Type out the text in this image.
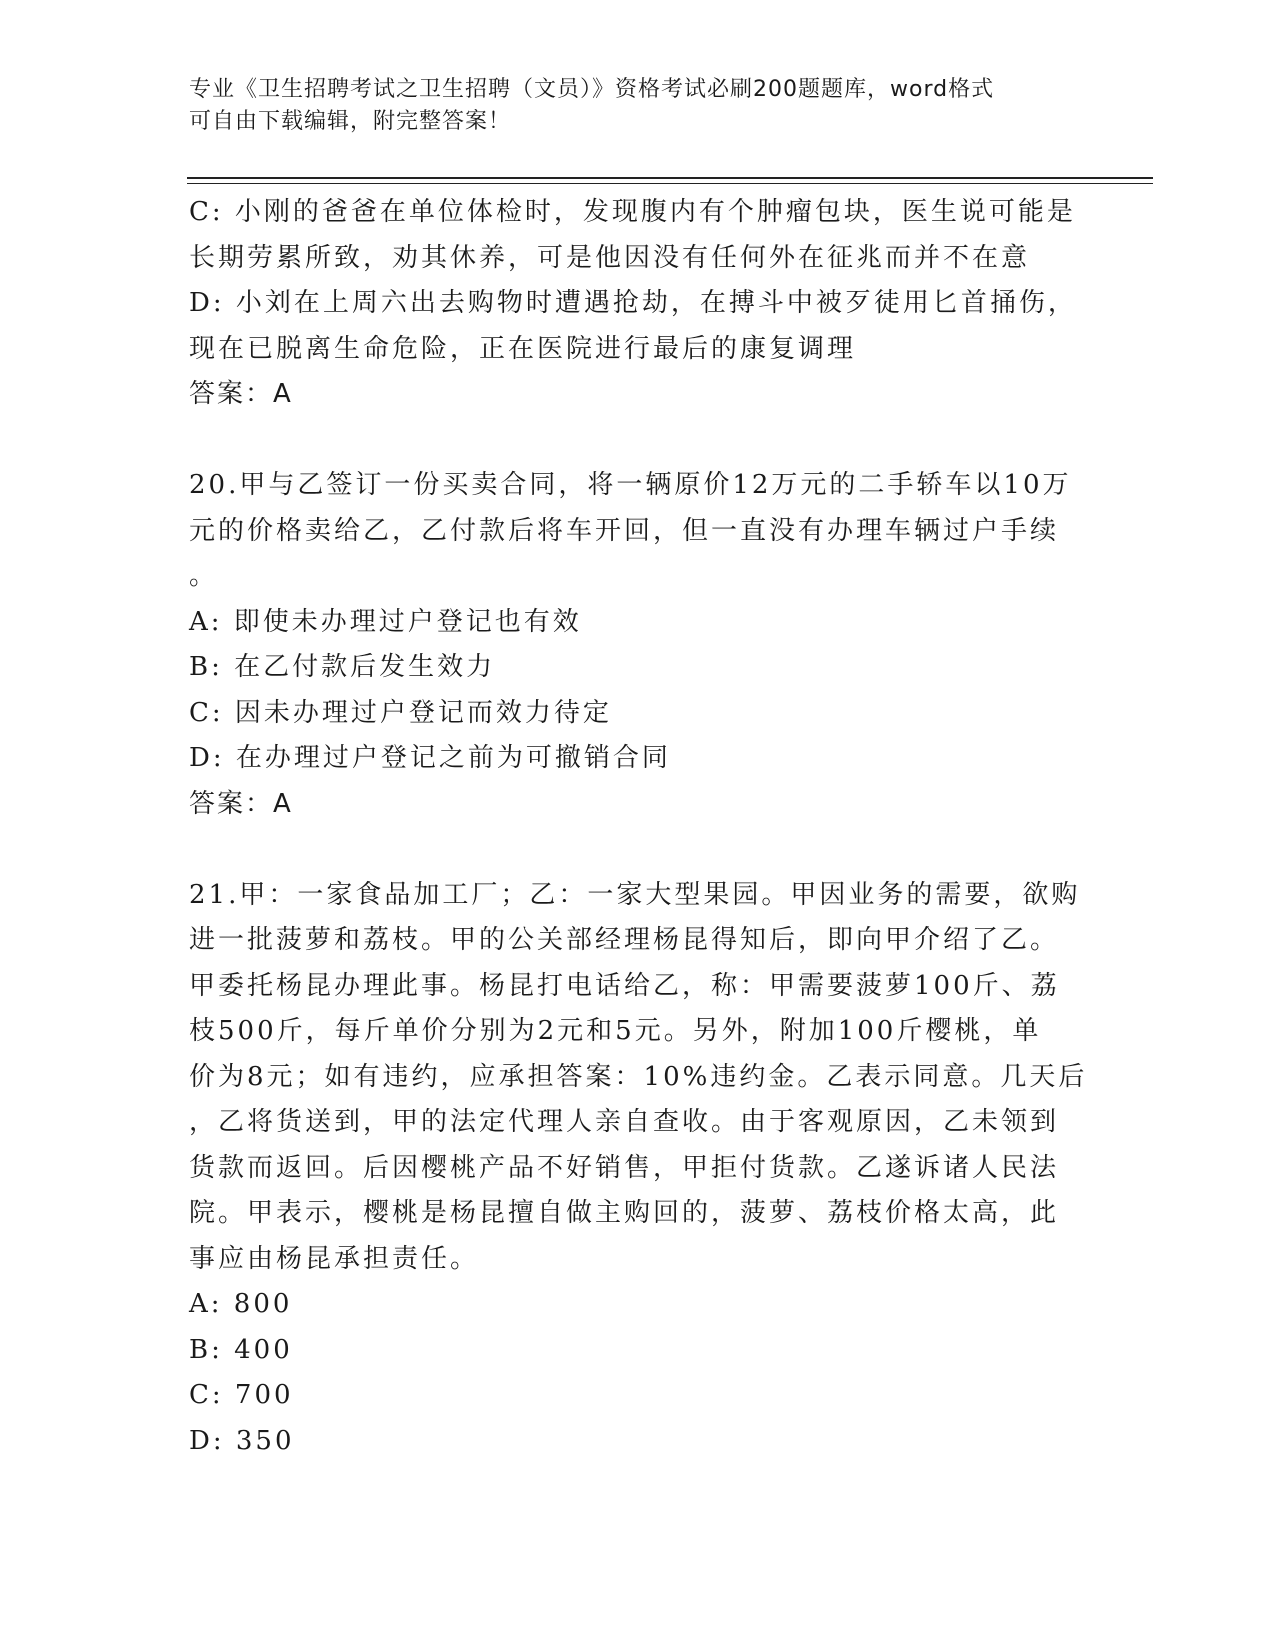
专业《卫生招聘考试之卫生招聘（文员）》资格考试必刷200题题库，word格式
可自由下载编辑，附完整答案！
C: 小刚的爸爸在单位体检时，发现腹内有个肿瘤包块，医生说可能是
长期劳累所致，劝其休养，可是他因没有任何外在征兆而并不在意
D: 小刘在上周六出去购物时遭遇抢劫，在搏斗中被歹徒用匕首捅伤，
现在已脱离生命危险，正在医院进行最后的康复调理
答案：A
20.甲与乙签订一份买卖合同，将一辆原价12万元的二手轿车以10万
元的价格卖给乙，乙付款后将车开回，但一直没有办理车辆过户手续
。
A: 即使未办理过户登记也有效
B: 在乙付款后发生效力
C: 因未办理过户登记而效力待定
D: 在办理过户登记之前为可撤销合同
答案：A
21.甲：一家食品加工厂；乙：一家大型果园。甲因业务的需要，欲购
进一批菠萝和荔枝。甲的公关部经理杨昆得知后，即向甲介绍了乙。
甲委托杨昆办理此事。杨昆打电话给乙，称：甲需要菠萝100斤、荔
枝500斤，每斤单价分别为2元和5元。另外，附加100斤樱桃，单
价为8元；如有违约，应承担答案：10%违约金。乙表示同意。几天后
，乙将货送到，甲的法定代理人亲自查收。由于客观原因，乙未领到
货款而返回。后因樱桃产品不好销售，甲拒付货款。乙遂诉诸人民法
院。甲表示，樱桃是杨昆擅自做主购回的，菠萝、荔枝价格太高，此
事应由杨昆承担责任。
A: 800
B: 400
C: 700
D: 350
